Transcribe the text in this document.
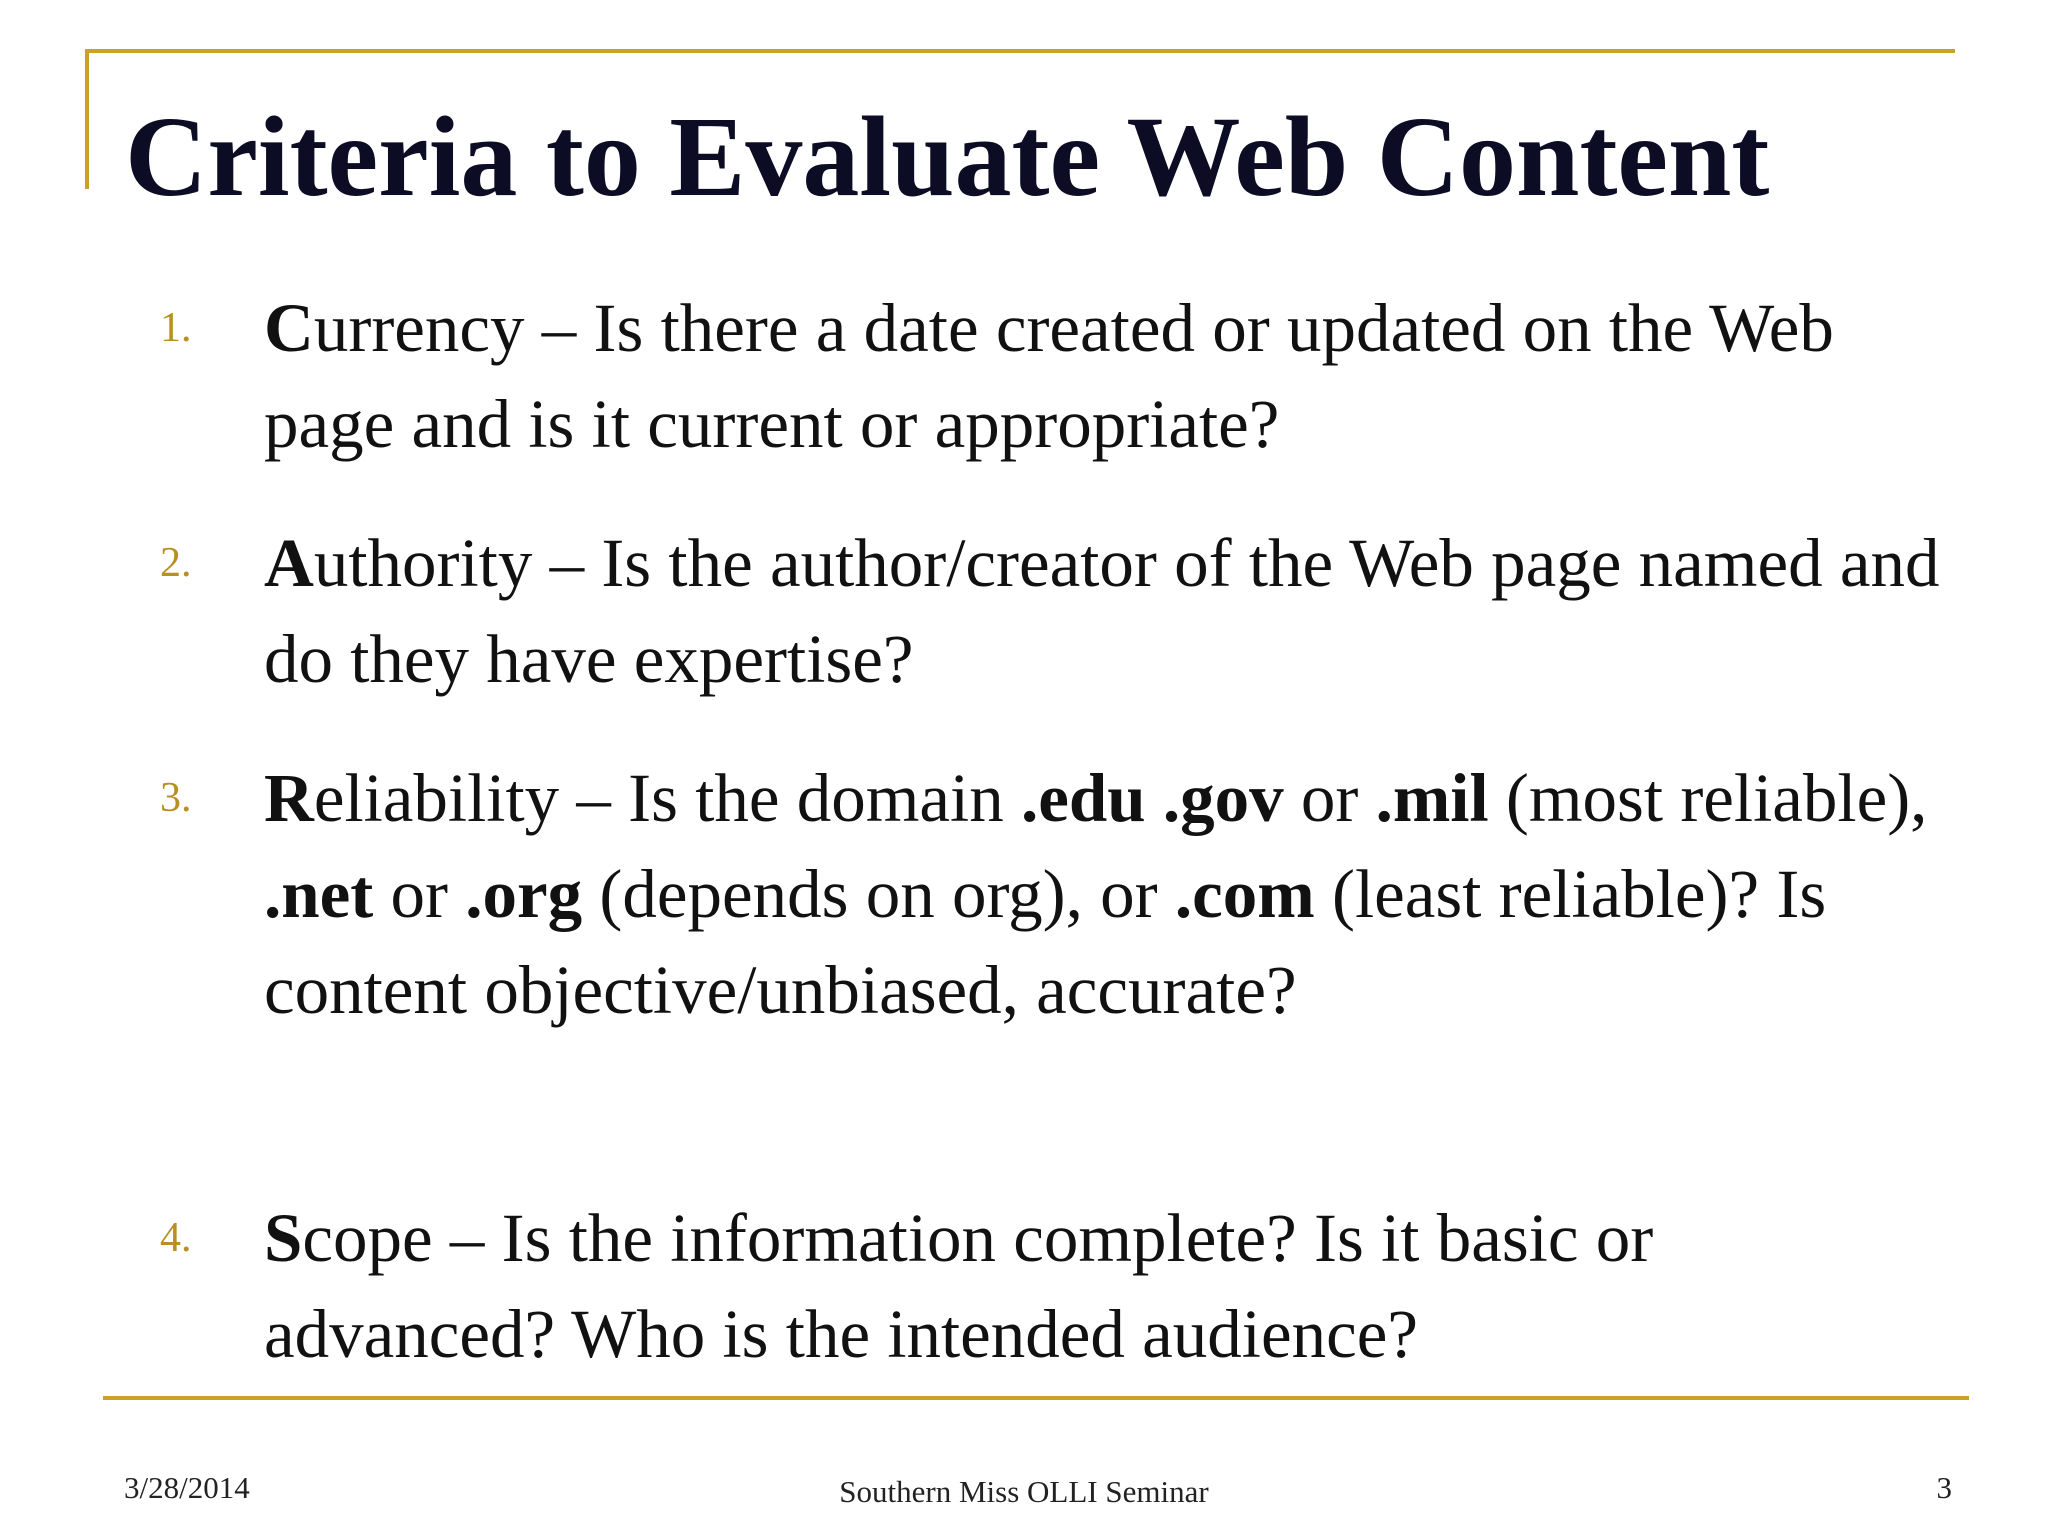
Criteria to Evaluate Web Content
1. Currency – Is there a date created or updated on the Web page and is it current or appropriate?
2. Authority – Is the author/creator of the Web page named and do they have expertise?
3. Reliability – Is the domain .edu .gov or .mil (most reliable), .net or .org (depends on org), or .com (least reliable)? Is content objective/unbiased, accurate?
4. Scope – Is the information complete? Is it basic or advanced? Who is the intended audience?
3/28/2014	Southern Miss OLLI Seminar	3
